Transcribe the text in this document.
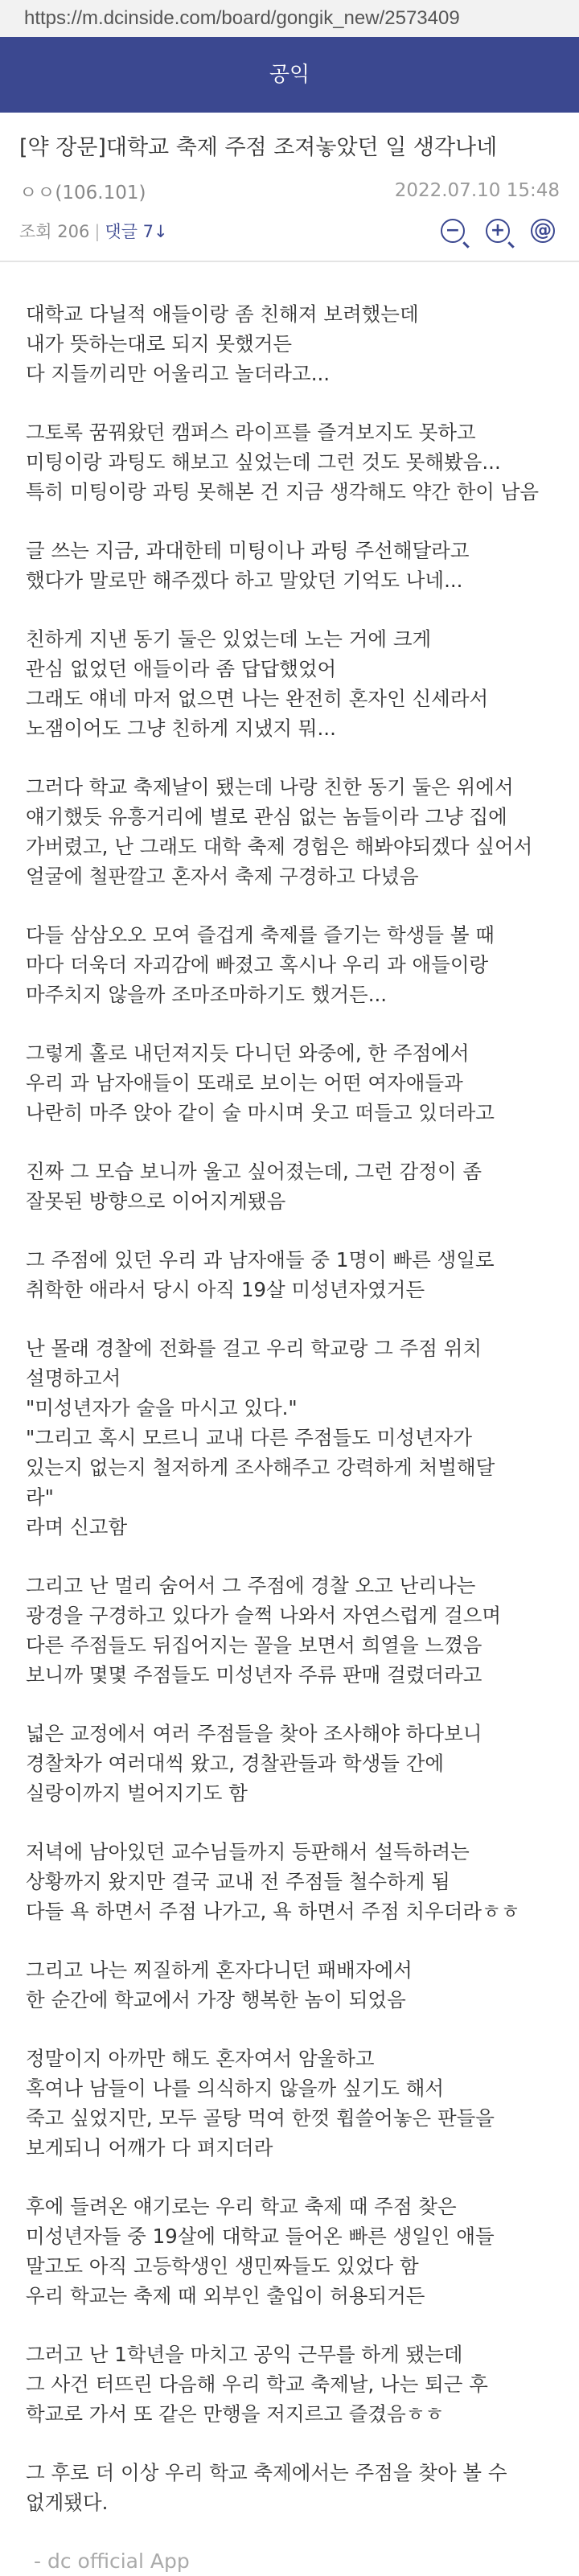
https://m.dcinside.com/board/gongik_new/2573409
공익
[약 장문]대학교 축제 주점 조져놓았던 일 생각나네
ㅇㅇ(106.101)	2022.07.10 15:48
조회 206 | 댓글 7↓	− + @
대학교 다닐적 애들이랑 좀 친해져 보려했는데
내가 뜻하는대로 되지 못했거든
다 지들끼리만 어울리고 놀더라고...
그토록 꿈꿔왔던 캠퍼스 라이프를 즐겨보지도 못하고
미팅이랑 과팅도 해보고 싶었는데 그런 것도 못해봤음...
특히 미팅이랑 과팅 못해본 건 지금 생각해도 약간 한이 남음
글 쓰는 지금, 과대한테 미팅이나 과팅 주선해달라고
했다가 말로만 해주겠다 하고 말았던 기억도 나네...
친하게 지낸 동기 둘은 있었는데 노는 거에 크게
관심 없었던 애들이라 좀 답답했었어
그래도 얘네 마저 없으면 나는 완전히 혼자인 신세라서
노잼이어도 그냥 친하게 지냈지 뭐...
그러다 학교 축제날이 됐는데 나랑 친한 동기 둘은 위에서
얘기했듯 유흥거리에 별로 관심 없는 놈들이라 그냥 집에
가버렸고, 난 그래도 대학 축제 경험은 해봐야되겠다 싶어서
얼굴에 철판깔고 혼자서 축제 구경하고 다녔음
다들 삼삼오오 모여 즐겁게 축제를 즐기는 학생들 볼 때
마다 더욱더 자괴감에 빠졌고 혹시나 우리 과 애들이랑
마주치지 않을까 조마조마하기도 했거든...
그렇게 홀로 내던져지듯 다니던 와중에, 한 주점에서
우리 과 남자애들이 또래로 보이는 어떤 여자애들과
나란히 마주 앉아 같이 술 마시며 웃고 떠들고 있더라고
진짜 그 모습 보니까 울고 싶어졌는데, 그런 감정이 좀
잘못된 방향으로 이어지게됐음
그 주점에 있던 우리 과 남자애들 중 1명이 빠른 생일로
취학한 애라서 당시 아직 19살 미성년자였거든
난 몰래 경찰에 전화를 걸고 우리 학교랑 그 주점 위치
설명하고서
"미성년자가 술을 마시고 있다."
"그리고 혹시 모르니 교내 다른 주점들도 미성년자가
있는지 없는지 철저하게 조사해주고 강력하게 처벌해달
라"
라며 신고함
그리고 난 멀리 숨어서 그 주점에 경찰 오고 난리나는
광경을 구경하고 있다가 슬쩍 나와서 자연스럽게 걸으며
다른 주점들도 뒤집어지는 꼴을 보면서 희열을 느꼈음
보니까 몇몇 주점들도 미성년자 주류 판매 걸렸더라고
넓은 교정에서 여러 주점들을 찾아 조사해야 하다보니
경찰차가 여러대씩 왔고, 경찰관들과 학생들 간에
실랑이까지 벌어지기도 함
저녁에 남아있던 교수님들까지 등판해서 설득하려는
상황까지 왔지만 결국 교내 전 주점들 철수하게 됨
다들 욕 하면서 주점 나가고, 욕 하면서 주점 치우더라ㅎㅎ
그리고 나는 찌질하게 혼자다니던 패배자에서
한 순간에 학교에서 가장 행복한 놈이 되었음
정말이지 아까만 해도 혼자여서 암울하고
혹여나 남들이 나를 의식하지 않을까 싶기도 해서
죽고 싶었지만, 모두 골탕 먹여 한껏 휩쓸어놓은 판들을
보게되니 어깨가 다 펴지더라
후에 들려온 얘기로는 우리 학교 축제 때 주점 찾은
미성년자들 중 19살에 대학교 들어온 빠른 생일인 애들
말고도 아직 고등학생인 생민짜들도 있었다 함
우리 학교는 축제 때 외부인 출입이 허용되거든
그러고 난 1학년을 마치고 공익 근무를 하게 됐는데
그 사건 터뜨린 다음해 우리 학교 축제날, 나는 퇴근 후
학교로 가서 또 같은 만행을 저지르고 즐겼음ㅎㅎ
그 후로 더 이상 우리 학교 축제에서는 주점을 찾아 볼 수
없게됐다.
- dc official App
